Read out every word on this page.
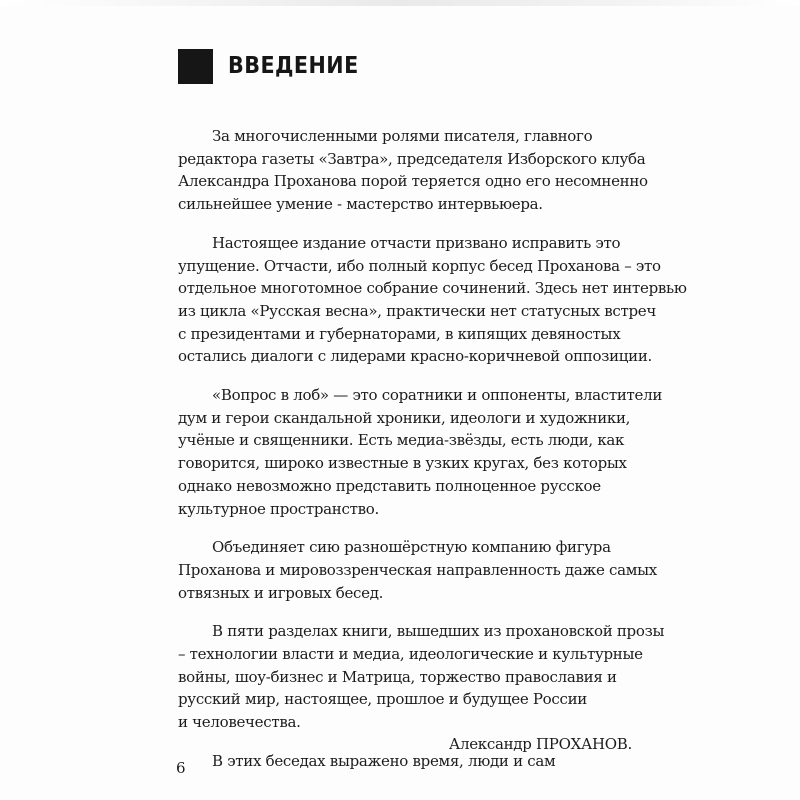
ВВЕДЕНИЕ

За многочисленными ролями писателя, главного
редактора газеты «Завтра», председателя Изборского клуба
Александра Проханова порой теряется одно его несомненно
сильнейшее умение - мастерство интервьюера.

Настоящее издание отчасти призвано исправить это
упущение. Отчасти, ибо полный корпус бесед Проханова – это
отдельное многотомное собрание сочинений. Здесь нет интервью
из цикла «Русская весна», практически нет статусных встреч
с президентами и губернаторами, в кипящих девяностых
остались диалоги с лидерами красно-коричневой оппозиции.

«Вопрос в лоб» — это соратники и оппоненты, властители
дум и герои скандальной хроники, идеологи и художники,
учёные и священники. Есть медиа-звёзды, есть люди, как
говорится, широко известные в узких кругах, без которых
однако невозможно представить полноценное русское
культурное пространство.

Объединяет сию разношёрстную компанию фигура
Проханова и мировоззренческая направленность даже самых
отвязных и игровых бесед.

В пяти разделах книги, вышедших из прохановской прозы
– технологии власти и медиа, идеологические и культурные
войны, шоу-бизнес и Матрица, торжество православия и
русский мир, настоящее, прошлое и будущее России
и человечества.

В этих беседах выражено время, люди и сам

Александр ПРОХАНОВ.
6
